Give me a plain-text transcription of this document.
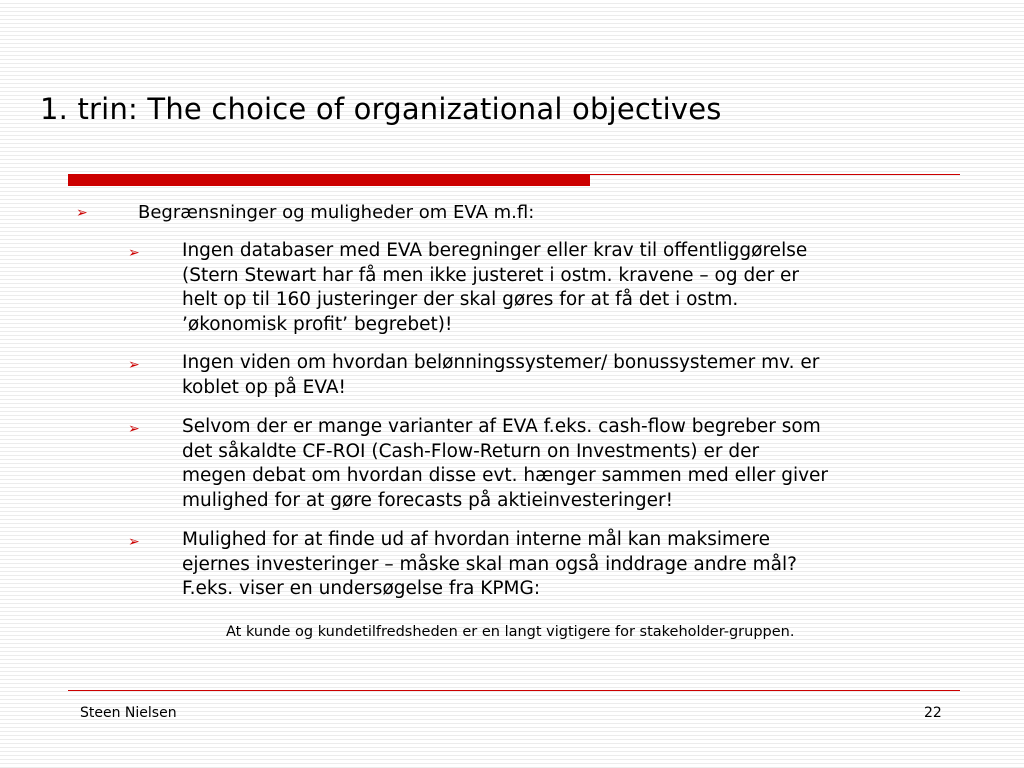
1. trin: The choice of organizational objectives
➢	Begrænsninger og muligheder om EVA m.fl:
➢ Ingen databaser med EVA beregninger eller krav til offentliggørelse
(Stern Stewart har få men ikke justeret i ostm. kravene – og der er
helt op til 160 justeringer der skal gøres for at få det i ostm.
’økonomisk profit’ begrebet)!
➢ Ingen viden om hvordan belønningssystemer/ bonussystemer mv. er
koblet op på EVA!
➢ Selvom der er mange varianter af EVA f.eks. cash-flow begreber som
det såkaldte CF-ROI (Cash-Flow-Return on Investments) er der
megen debat om hvordan disse evt. hænger sammen med eller giver
mulighed for at gøre forecasts på aktieinvesteringer!
➢ Mulighed for at finde ud af hvordan interne mål kan maksimere
ejernes investeringer – måske skal man også inddrage andre mål?
F.eks. viser en undersøgelse fra KPMG:
At kunde og kundetilfredsheden er en langt vigtigere for stakeholder-gruppen.
Steen Nielsen	22
